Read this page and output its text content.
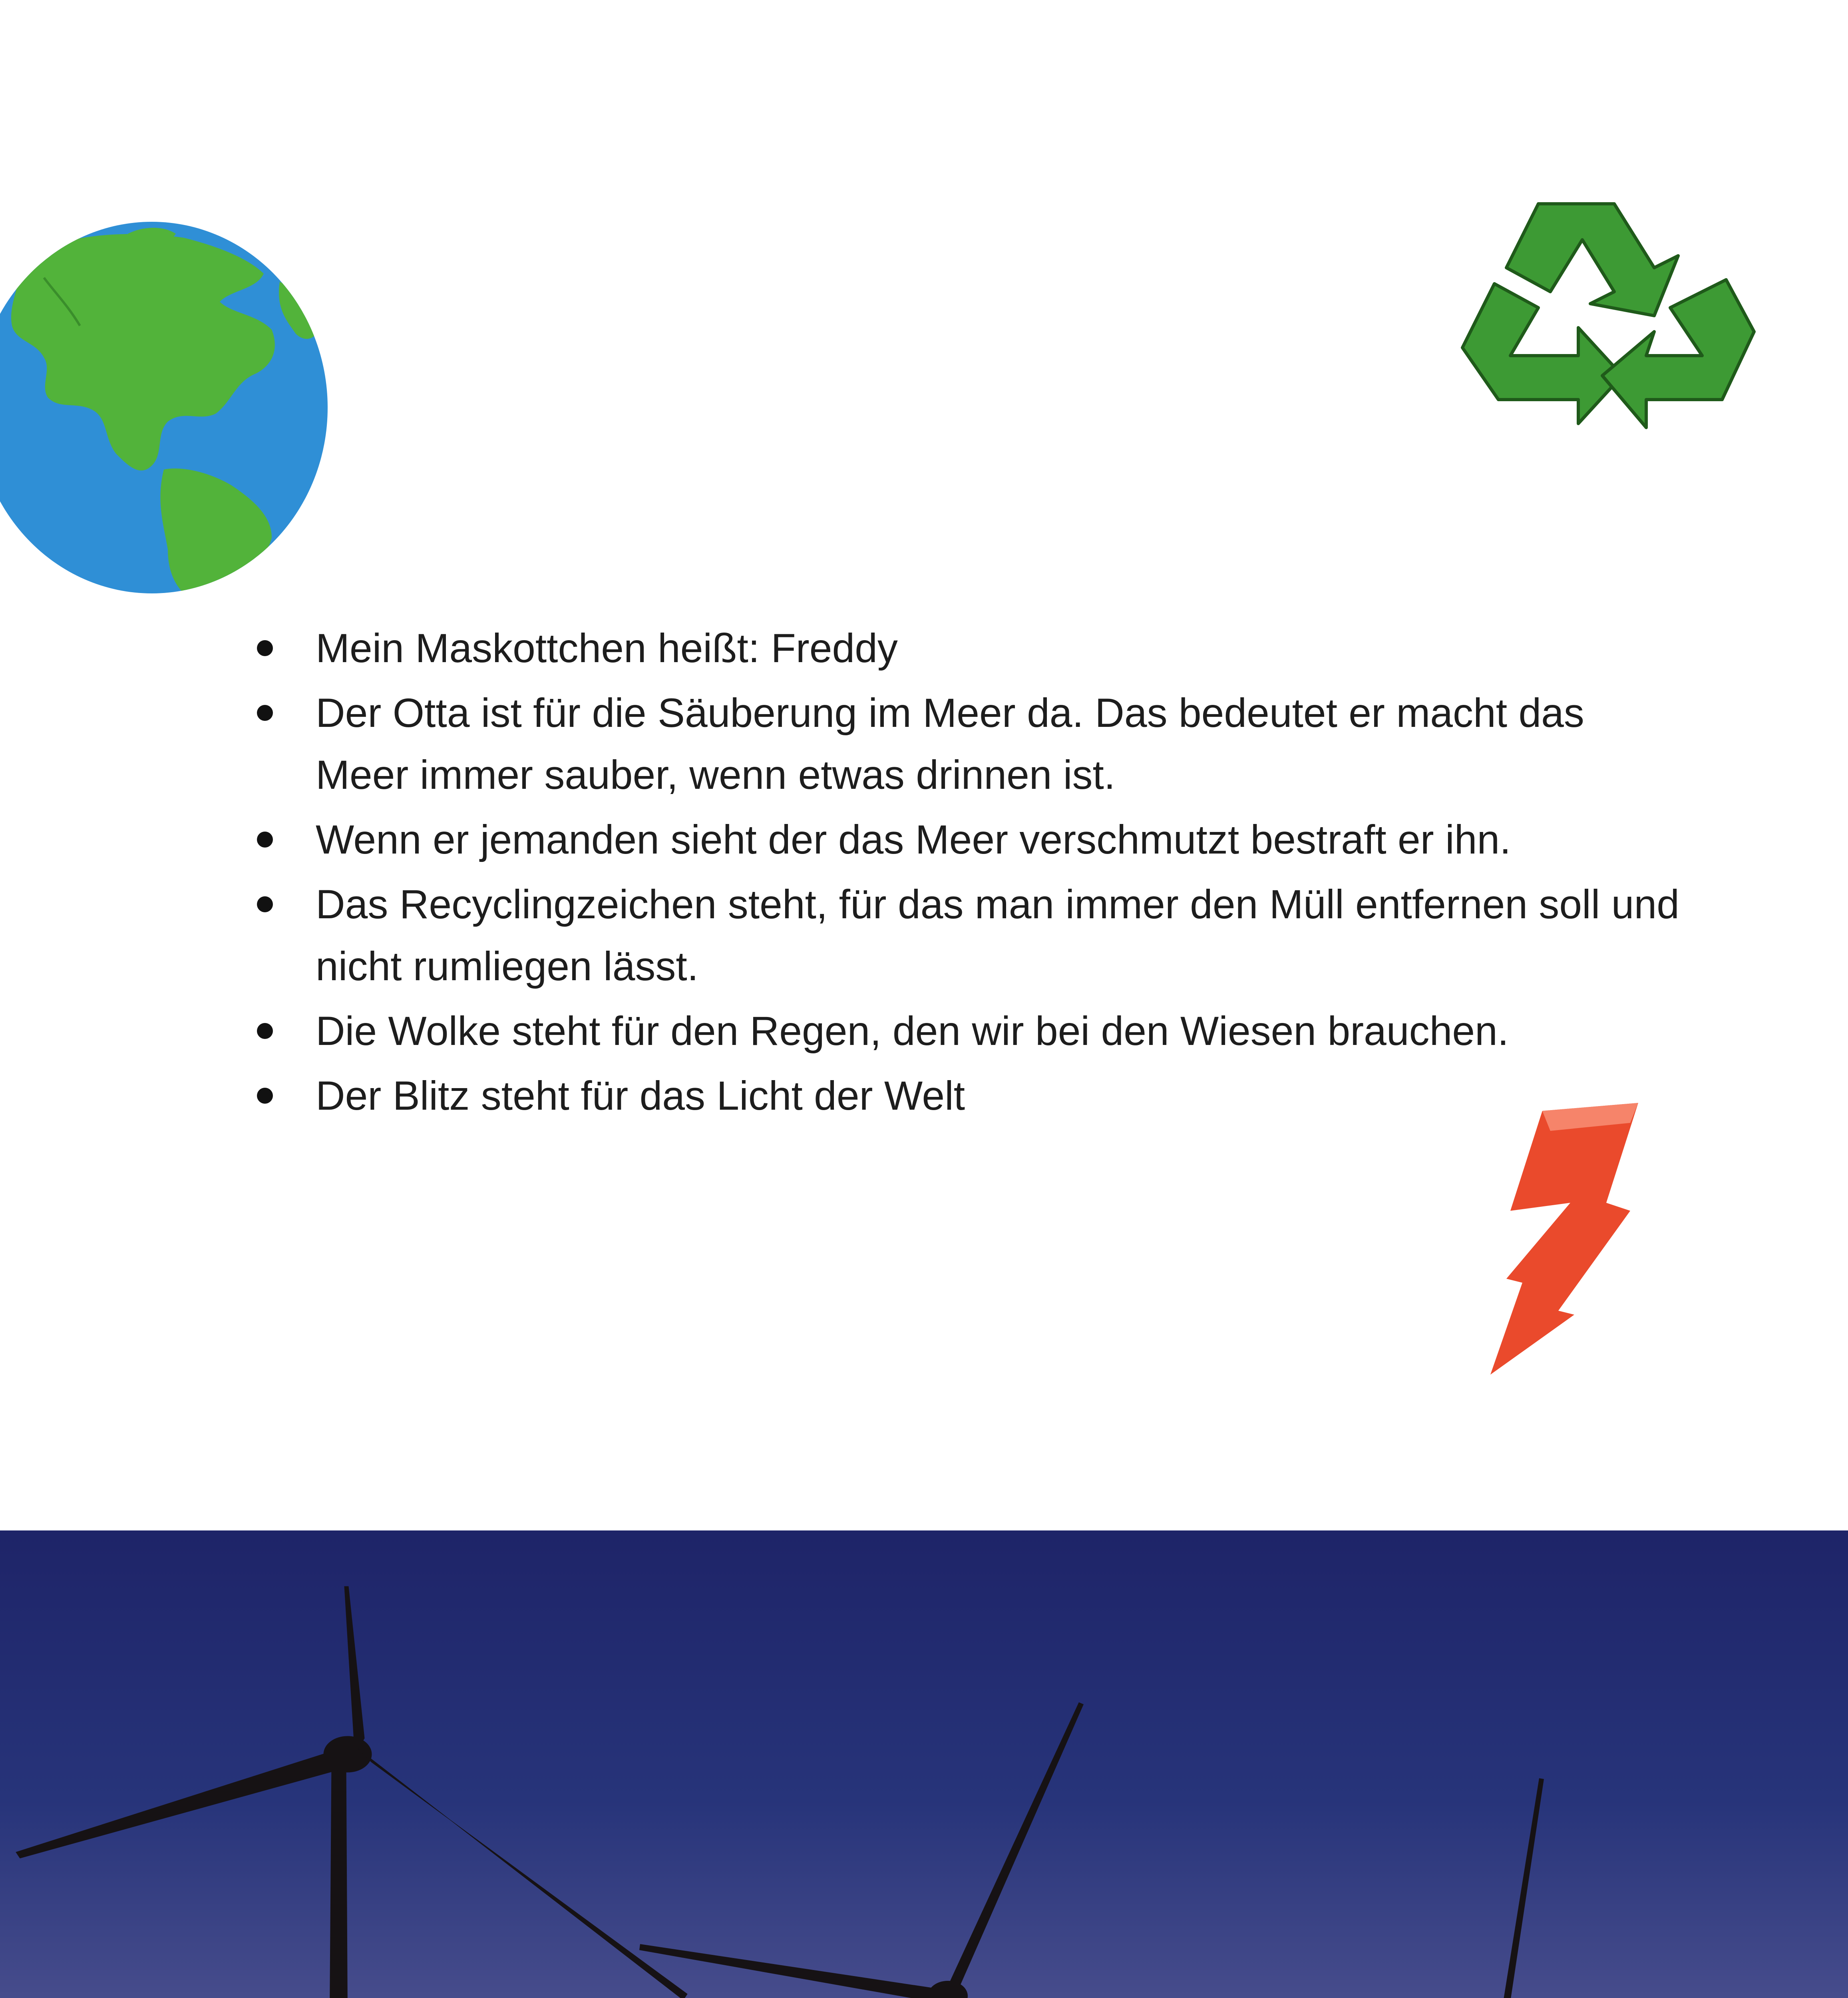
Mein Maskottchen heißt: Freddy
Der Otta ist für die Säuberung im Meer da. Das bedeutet er macht das Meer immer sauber, wenn etwas drinnen ist.
Wenn er jemanden sieht der das Meer verschmutzt bestraft er ihn.
Das Recyclingzeichen steht, für das man immer den Müll entfernen soll und nicht rumliegen lässt.
Die Wolke steht für den Regen, den wir bei den Wiesen brauchen.
Der Blitz steht für das Licht der Welt
